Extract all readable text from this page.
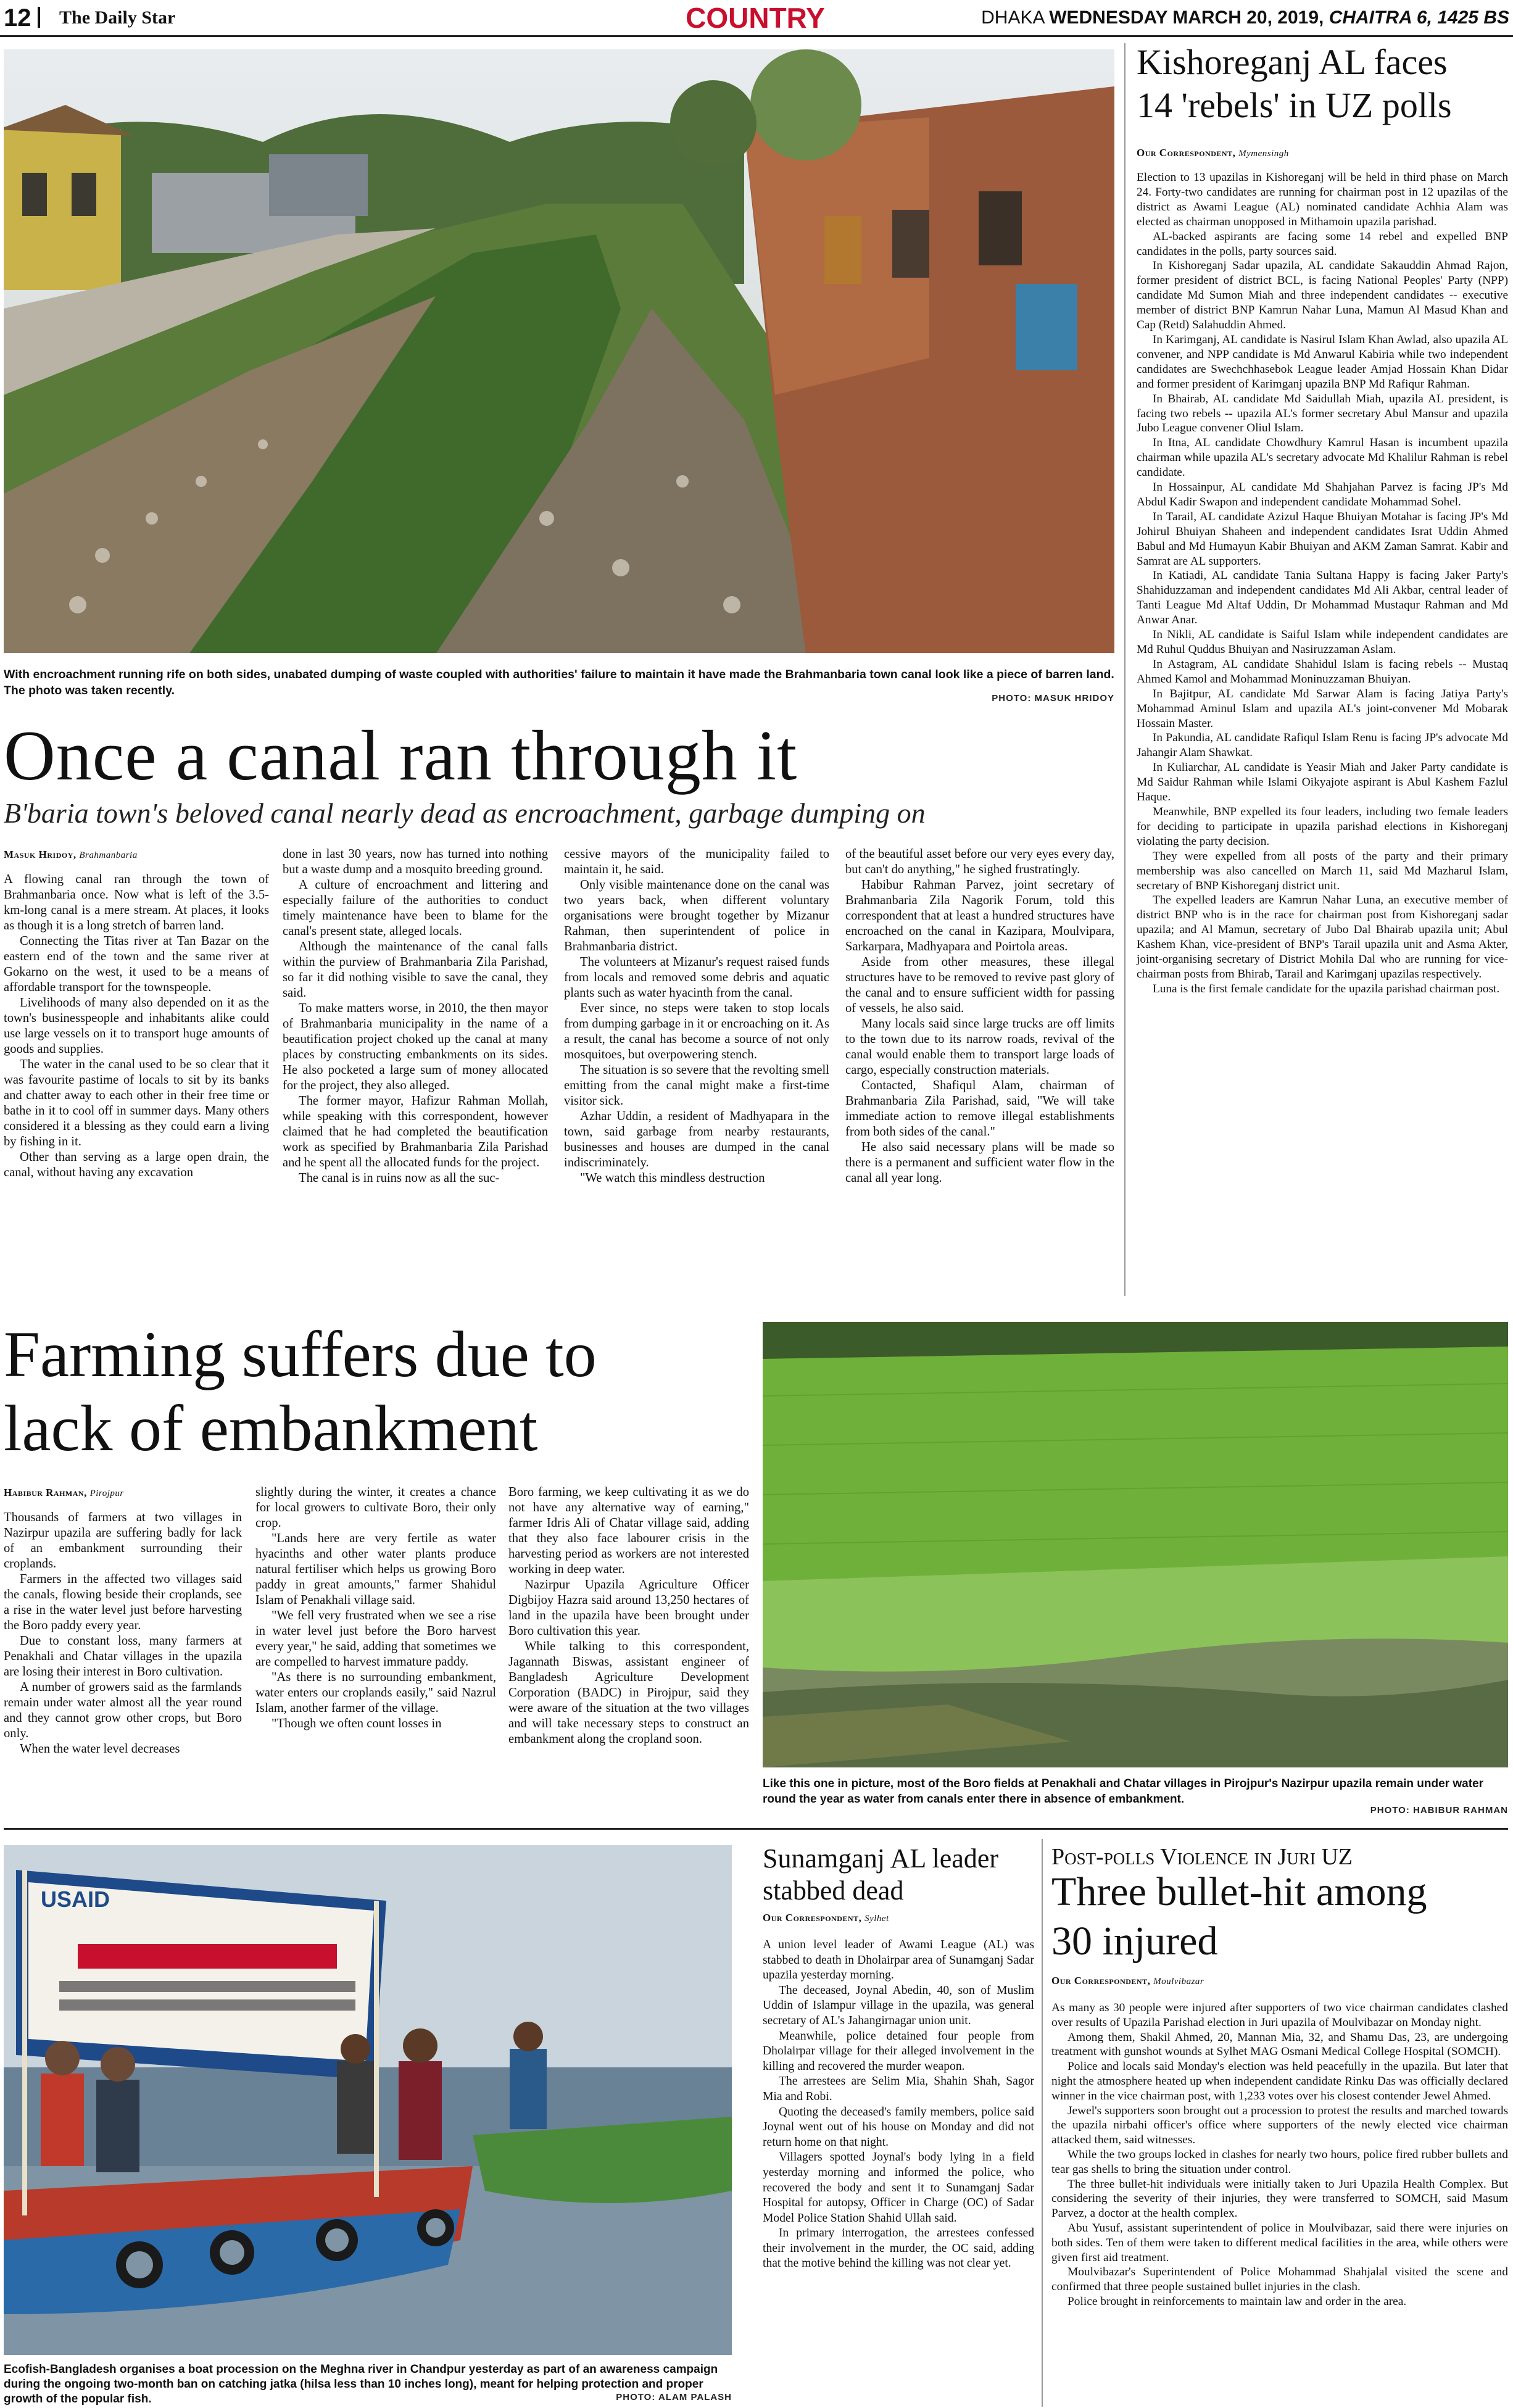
12	The Daily Star	COUNTRY	DHAKA WEDNESDAY MARCH 20, 2019, CHAITRA 6, 1425 BS
With encroachment running rife on both sides, unabated dumping of waste coupled with authorities' failure to maintain it have made the Brahmanbaria town canal look like a piece of barren land. The photo was taken recently.
PHOTO: MASUK HRIDOY
Once a canal ran through it
B'baria town's beloved canal nearly dead as encroachment, garbage dumping on
Masuk Hridoy, Brahmanbaria

A flowing canal ran through the town of Brahmanbaria once. Now what is left of the 3.5-km-long canal is a mere stream. At places, it looks as though it is a long stretch of barren land.

Connecting the Titas river at Tan Bazar on the eastern end of the town and the same river at Gokarno on the west, it used to be a means of affordable transport for the townspeople.

Livelihoods of many also depended on it as the town's businesspeople and inhabitants alike could use large vessels on it to transport huge amounts of goods and supplies.

The water in the canal used to be so clear that it was favourite pastime of locals to sit by its banks and chatter away to each other in their free time or bathe in it to cool off in summer days. Many others considered it a blessing as they could earn a living by fishing in it.

Other than serving as a large open drain, the canal, without having any excavation

done in last 30 years, now has turned into nothing but a waste dump and a mosquito breeding ground.

A culture of encroachment and littering and especially failure of the authorities to conduct timely maintenance have been to blame for the canal's present state, alleged locals.

Although the maintenance of the canal falls within the purview of Brahmanbaria Zila Parishad, so far it did nothing visible to save the canal, they said.

To make matters worse, in 2010, the then mayor of Brahmanbaria municipality in the name of a beautification project choked up the canal at many places by constructing embankments on its sides. He also pocketed a large sum of money allocated for the project, they also alleged.

The former mayor, Hafizur Rahman Mollah, while speaking with this correspondent, however claimed that he had completed the beautification work as specified by Brahmanbaria Zila Parishad and he spent all the allocated funds for the project.

The canal is in ruins now as all the suc-

cessive mayors of the municipality failed to maintain it, he said.

Only visible maintenance done on the canal was two years back, when different voluntary organisations were brought together by Mizanur Rahman, then superintendent of police in Brahmanbaria district.

The volunteers at Mizanur's request raised funds from locals and removed some debris and aquatic plants such as water hyacinth from the canal.

Ever since, no steps were taken to stop locals from dumping garbage in it or encroaching on it. As a result, the canal has become a source of not only mosquitoes, but overpowering stench.

The situation is so severe that the revolting smell emitting from the canal might make a first-time visitor sick.

Azhar Uddin, a resident of Madhyapara in the town, said garbage from nearby restaurants, businesses and houses are dumped in the canal indiscriminately.

"We watch this mindless destruction

of the beautiful asset before our very eyes every day, but can't do anything," he sighed frustratingly.

Habibur Rahman Parvez, joint secretary of Brahmanbaria Zila Nagorik Forum, told this correspondent that at least a hundred structures have encroached on the canal in Kazipara, Moulvipara, Sarkarpara, Madhyapara and Poirtola areas.

Aside from other measures, these illegal structures have to be removed to revive past glory of the canal and to ensure sufficient width for passing of vessels, he also said.

Many locals said since large trucks are off limits to the town due to its narrow roads, revival of the canal would enable them to transport large loads of cargo, especially construction materials.

Contacted, Shafiqul Alam, chairman of Brahmanbaria Zila Parishad, said, "We will take immediate action to remove illegal establishments from both sides of the canal."

He also said necessary plans will be made so there is a permanent and sufficient water flow in the canal all year long.

Kishoreganj AL faces
14 'rebels' in UZ polls
Our Correspondent, Mymensingh

Election to 13 upazilas in Kishoreganj will be held in third phase on March 24. Forty-two candidates are running for chairman post in 12 upazilas of the district as Awami League (AL) nominated candidate Achhia Alam was elected as chairman unopposed in Mithamoin upazila parishad.

AL-backed aspirants are facing some 14 rebel and expelled BNP candidates in the polls, party sources said.

In Kishoreganj Sadar upazila, AL candidate Sakauddin Ahmad Rajon, former president of district BCL, is facing National Peoples' Party (NPP) candidate Md Sumon Miah and three independent candidates -- executive member of district BNP Kamrun Nahar Luna, Mamun Al Masud Khan and Cap (Retd) Salahuddin Ahmed.

In Karimganj, AL candidate is Nasirul Islam Khan Awlad, also upazila AL convener, and NPP candidate is Md Anwarul Kabiria while two independent candidates are Swechchhasebok League leader Amjad Hossain Khan Didar and former president of Karimganj upazila BNP Md Rafiqur Rahman.

In Bhairab, AL candidate Md Saidullah Miah, upazila AL president, is facing two rebels -- upazila AL's former secretary Abul Mansur and upazila Jubo League convener Oliul Islam.

In Itna, AL candidate Chowdhury Kamrul Hasan is incumbent upazila chairman while upazila AL's secretary advocate Md Khalilur Rahman is rebel candidate.

In Hossainpur, AL candidate Md Shahjahan Parvez is facing JP's Md Abdul Kadir Swapon and independent candidate Mohammad Sohel.

In Tarail, AL candidate Azizul Haque Bhuiyan Motahar is facing JP's Md Johirul Bhuiyan Shaheen and independent candidates Israt Uddin Ahmed Babul and Md Humayun Kabir Bhuiyan and AKM Zaman Samrat. Kabir and Samrat are AL supporters.

In Katiadi, AL candidate Tania Sultana Happy is facing Jaker Party's Shahiduzzaman and independent candidates Md Ali Akbar, central leader of Tanti League Md Altaf Uddin, Dr Mohammad Mustaqur Rahman and Md Anwar Anar.

In Nikli, AL candidate is Saiful Islam while independent candidates are Md Ruhul Quddus Bhuiyan and Nasiruzzaman Aslam.

In Astagram, AL candidate Shahidul Islam is facing rebels -- Mustaq Ahmed Kamol and Mohammad Moninuzzaman Bhuiyan.

In Bajitpur, AL candidate Md Sarwar Alam is facing Jatiya Party's Mohammad Aminul Islam and upazila AL's joint-convener Md Mobarak Hossain Master.

In Pakundia, AL candidate Rafiqul Islam Renu is facing JP's advocate Md Jahangir Alam Shawkat.

In Kuliarchar, AL candidate is Yeasir Miah and Jaker Party candidate is Md Saidur Rahman while Islami Oikyajote aspirant is Abul Kashem Fazlul Haque.

Meanwhile, BNP expelled its four leaders, including two female leaders for deciding to participate in upazila parishad elections in Kishoreganj violating the party decision.

They were expelled from all posts of the party and their primary membership was also cancelled on March 11, said Md Mazharul Islam, secretary of BNP Kishoreganj district unit.

The expelled leaders are Kamrun Nahar Luna, an executive member of district BNP who is in the race for chairman post from Kishoreganj sadar upazila; and Al Mamun, secretary of Jubo Dal Bhairab upazila unit; Abul Kashem Khan, vice-president of BNP's Tarail upazila unit and Asma Akter, joint-organising secretary of District Mohila Dal who are running for vice-chairman posts from Bhirab, Tarail and Karimganj upazilas respectively.

Luna is the first female candidate for the upazila parishad chairman post.

Farming suffers due to
lack of embankment
Habibur Rahman, Pirojpur

Thousands of farmers at two villages in Nazirpur upazila are suffering badly for lack of an embankment surrounding their croplands.

Farmers in the affected two villages said the canals, flowing beside their croplands, see a rise in the water level just before harvesting the Boro paddy every year.

Due to constant loss, many farmers at Penakhali and Chatar villages in the upazila are losing their interest in Boro cultivation.

A number of growers said as the farmlands remain under water almost all the year round and they cannot grow other crops, but Boro only.

When the water level decreases

slightly during the winter, it creates a chance for local growers to cultivate Boro, their only crop.

"Lands here are very fertile as water hyacinths and other water plants produce natural fertiliser which helps us growing Boro paddy in great amounts," farmer Shahidul Islam of Penakhali village said.

"We fell very frustrated when we see a rise in water level just before the Boro harvest every year," he said, adding that sometimes we are compelled to harvest immature paddy.

"As there is no surrounding embankment, water enters our croplands easily," said Nazrul Islam, another farmer of the village.

"Though we often count losses in

Boro farming, we keep cultivating it as we do not have any alternative way of earning," farmer Idris Ali of Chatar village said, adding that they also face labourer crisis in the harvesting period as workers are not interested working in deep water.

Nazirpur Upazila Agriculture Officer Digbijoy Hazra said around 13,250 hectares of land in the upazila have been brought under Boro cultivation this year.

While talking to this correspondent, Jagannath Biswas, assistant engineer of Bangladesh Agriculture Development Corporation (BADC) in Pirojpur, said they were aware of the situation at the two villages and will take necessary steps to construct an embankment along the cropland soon.

Like this one in picture, most of the Boro fields at Penakhali and Chatar villages in Pirojpur's Nazirpur upazila remain under water round the year as water from canals enter there in absence of embankment.
PHOTO: HABIBUR RAHMAN
USAID
Ecofish-Bangladesh organises a boat procession on the Meghna river in Chandpur yesterday as part of an awareness campaign during the ongoing two-month ban on catching jatka (hilsa less than 10 inches long), meant for helping protection and proper growth of the popular fish.	PHOTO: ALAM PALASH
Sunamganj AL leader
stabbed dead
Our Correspondent, Sylhet

A union level leader of Awami League (AL) was stabbed to death in Dholairpar area of Sunamganj Sadar upazila yesterday morning.

The deceased, Joynal Abedin, 40, son of Muslim Uddin of Islampur village in the upazila, was general secretary of AL's Jahangirnagar union unit.

Meanwhile, police detained four people from Dholairpar village for their alleged involvement in the killing and recovered the murder weapon.

The arrestees are Selim Mia, Shahin Shah, Sagor Mia and Robi.

Quoting the deceased's family members, police said Joynal went out of his house on Monday and did not return home on that night.

Villagers spotted Joynal's body lying in a field yesterday morning and informed the police, who recovered the body and sent it to Sunamganj Sadar Hospital for autopsy, Officer in Charge (OC) of Sadar Model Police Station Shahid Ullah said.

In primary interrogation, the arrestees confessed their involvement in the murder, the OC said, adding that the motive behind the killing was not clear yet.

Post-polls Violence in Juri UZ
Three bullet-hit among
30 injured
Our Correspondent, Moulvibazar

As many as 30 people were injured after supporters of two vice chairman candidates clashed over results of Upazila Parishad election in Juri upazila of Moulvibazar on Monday night.

Among them, Shakil Ahmed, 20, Mannan Mia, 32, and Shamu Das, 23, are undergoing treatment with gunshot wounds at Sylhet MAG Osmani Medical College Hospital (SOMCH).

Police and locals said Monday's election was held peacefully in the upazila. But later that night the atmosphere heated up when independent candidate Rinku Das was officially declared winner in the vice chairman post, with 1,233 votes over his closest contender Jewel Ahmed.

Jewel's supporters soon brought out a procession to protest the results and marched towards the upazila nirbahi officer's office where supporters of the newly elected vice chairman attacked them, said witnesses.

While the two groups locked in clashes for nearly two hours, police fired rubber bullets and tear gas shells to bring the situation under control.

The three bullet-hit individuals were initially taken to Juri Upazila Health Complex. But considering the severity of their injuries, they were transferred to SOMCH, said Masum Parvez, a doctor at the health complex.

Abu Yusuf, assistant superintendent of police in Moulvibazar, said there were injuries on both sides. Ten of them were taken to different medical facilities in the area, while others were given first aid treatment.

Moulvibazar's Superintendent of Police Mohammad Shahjalal visited the scene and confirmed that three people sustained bullet injuries in the clash.

Police brought in reinforcements to maintain law and order in the area.
